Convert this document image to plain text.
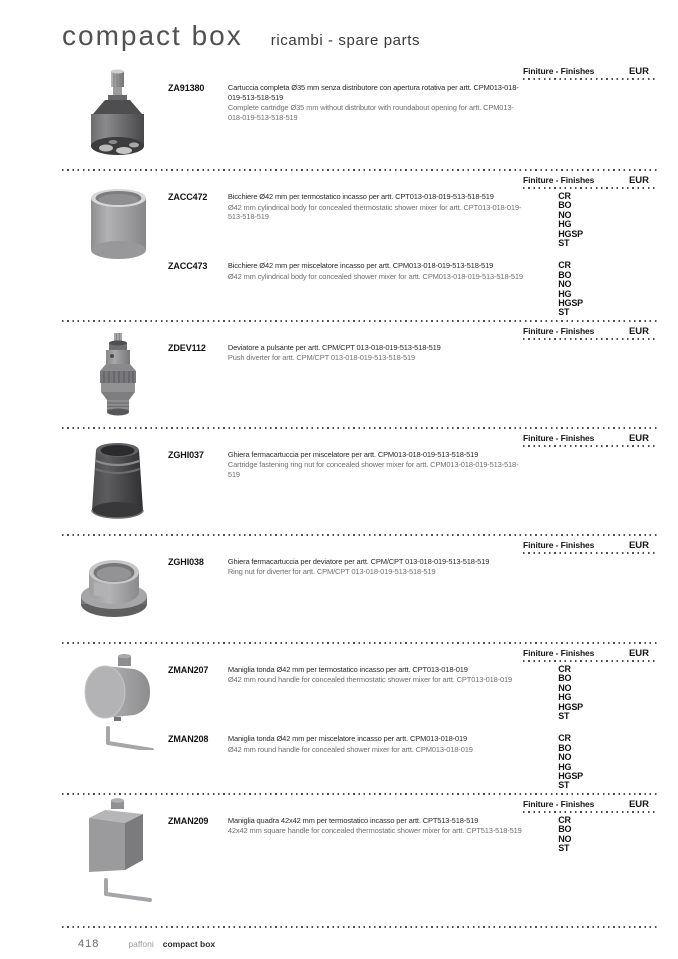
compact box ricambi - spare parts
Finiture - Finishes	EUR
ZA91380	Cartuccia completa Ø35 mm senza distributore con apertura rotativa per artt. CPM013-018-019-513-518-519

Complete cartridge Ø35 mm without distributor with roundabout opening for artt. CPM013-018-019-513-518-519

Finiture - Finishes	EUR
ZACC472	Bicchiere Ø42 mm per termostatico incasso per artt. CPT013-018-019-513-518-519

Ø42 mm cylindrical body for concealed thermostatic shower mixer for artt. CPT013-018-019-513-518-519

CR
BO
NO
HG
HGSP
ST
ZACC473	Bicchiere Ø42 mm per miscelatore incasso per artt. CPM013-018-019-513-518-519

Ø42 mm cylindrical body for concealed shower mixer for artt. CPM013-018-019-513-518-519

CR
BO
NO
HG
HGSP
ST
Finiture - Finishes	EUR
ZDEV112	Deviatore a pulsante per artt. CPM/CPT 013-018-019-513-518-519

Push diverter for artt. CPM/CPT 013-018-019-513-518-519

Finiture - Finishes	EUR
ZGHI037	Ghiera fermacartuccia per miscelatore per artt. CPM013-018-019-513-518-519

Cartridge fastening ring nut for concealed shower mixer for artt. CPM013-018-019-513-518-519

Finiture - Finishes	EUR
ZGHI038	Ghiera fermacartuccia per deviatore per artt. CPM/CPT 013-018-019-513-518-519

Ring nut for diverter for artt. CPM/CPT 013-018-019-513-518-519

Finiture - Finishes	EUR
ZMAN207	Maniglia tonda Ø42 mm per termostatico incasso per artt. CPT013-018-019

Ø42 mm round handle for concealed thermostatic shower mixer for artt. CPT013-018-019

CR
BO
NO
HG
HGSP
ST
ZMAN208	Maniglia tonda Ø42 mm per miscelatore incasso per artt. CPM013-018-019

Ø42 mm round handle for concealed shower mixer for artt. CPM013-018-019

CR
BO
NO
HG
HGSP
ST
Finiture - Finishes	EUR
ZMAN209	Maniglia quadra 42x42 mm per termostatico incasso per artt. CPT513-518-519

42x42 mm square handle for concealed thermostatic shower mixer for artt. CPT513-518-519

CR
BO
NO
ST
418	paffoni compact box
